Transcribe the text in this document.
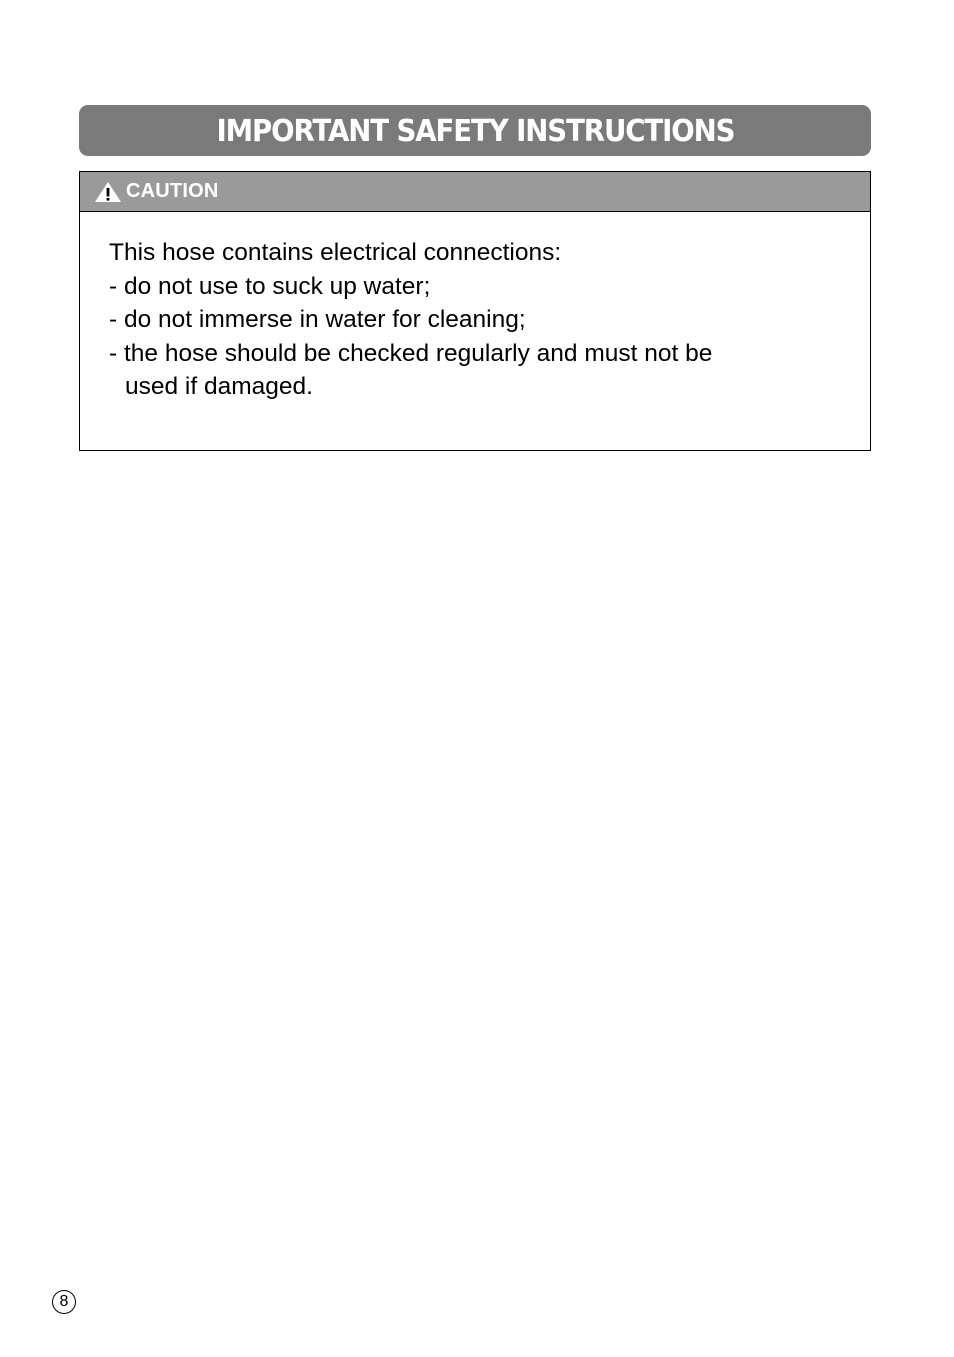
IMPORTANT SAFETY INSTRUCTIONS
CAUTION
This hose contains electrical connections:
- do not use to suck up water;
- do not immerse in water for cleaning;
- the hose should be checked regularly and must not be
used if damaged.
8
